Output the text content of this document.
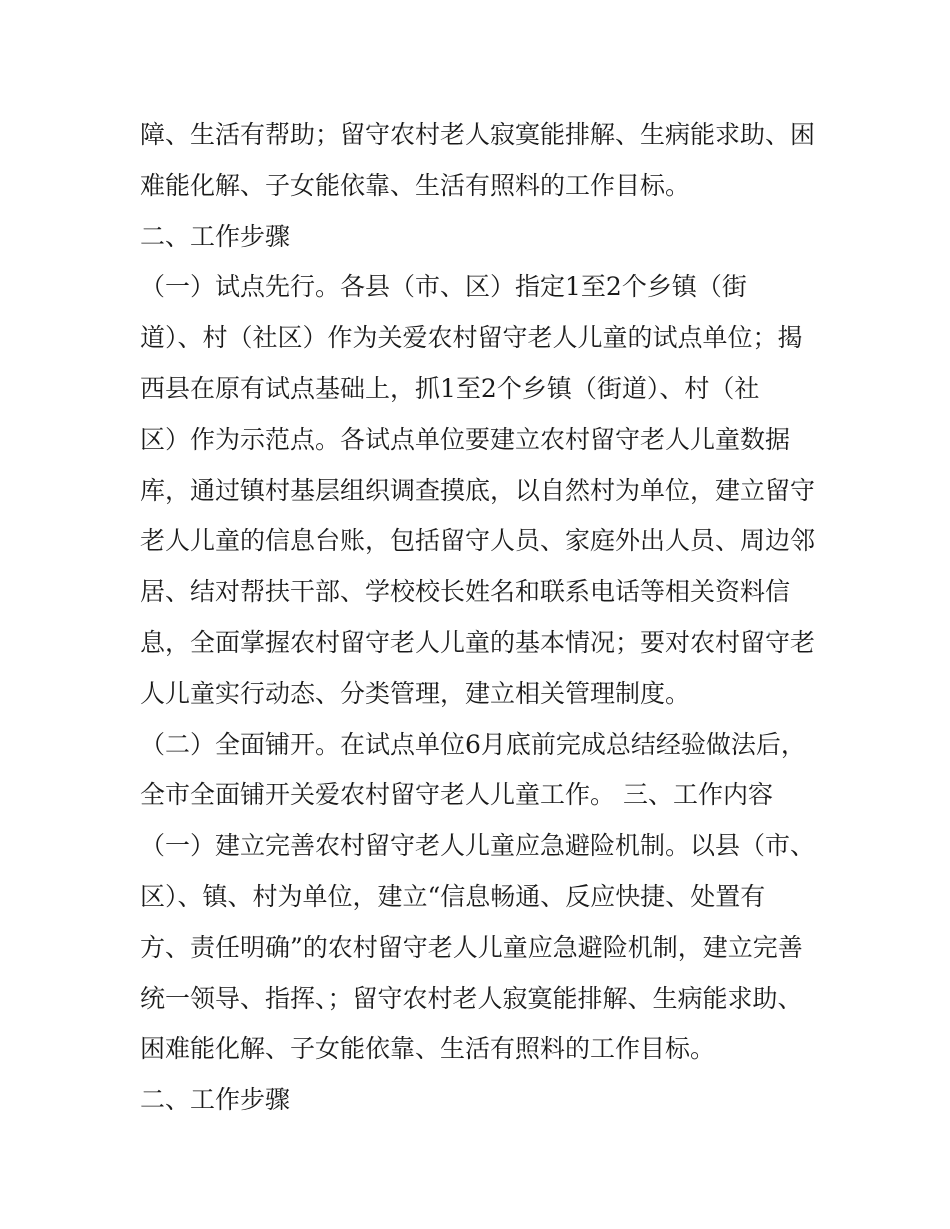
障、生活有帮助；留守农村老人寂寞能排解、生病能求助、困
难能化解、子女能依靠、生活有照料的工作目标。
二、工作步骤
（一）试点先行。各县（市、区）指定1至2个乡镇（街
道）、村（社区）作为关爱农村留守老人儿童的试点单位；揭
西县在原有试点基础上，抓1至2个乡镇（街道）、村（社
区）作为示范点。各试点单位要建立农村留守老人儿童数据
库，通过镇村基层组织调查摸底，以自然村为单位，建立留守
老人儿童的信息台账，包括留守人员、家庭外出人员、周边邻
居、结对帮扶干部、学校校长姓名和联系电话等相关资料信
息，全面掌握农村留守老人儿童的基本情况；要对农村留守老
人儿童实行动态、分类管理，建立相关管理制度。
（二）全面铺开。在试点单位6月底前完成总结经验做法后，
全市全面铺开关爱农村留守老人儿童工作。 三、工作内容
（一）建立完善农村留守老人儿童应急避险机制。以县（市、
区）、镇、村为单位，建立“信息畅通、反应快捷、处置有
方、责任明确”的农村留守老人儿童应急避险机制，建立完善
统一领导、指挥、；留守农村老人寂寞能排解、生病能求助、
困难能化解、子女能依靠、生活有照料的工作目标。
二、工作步骤
